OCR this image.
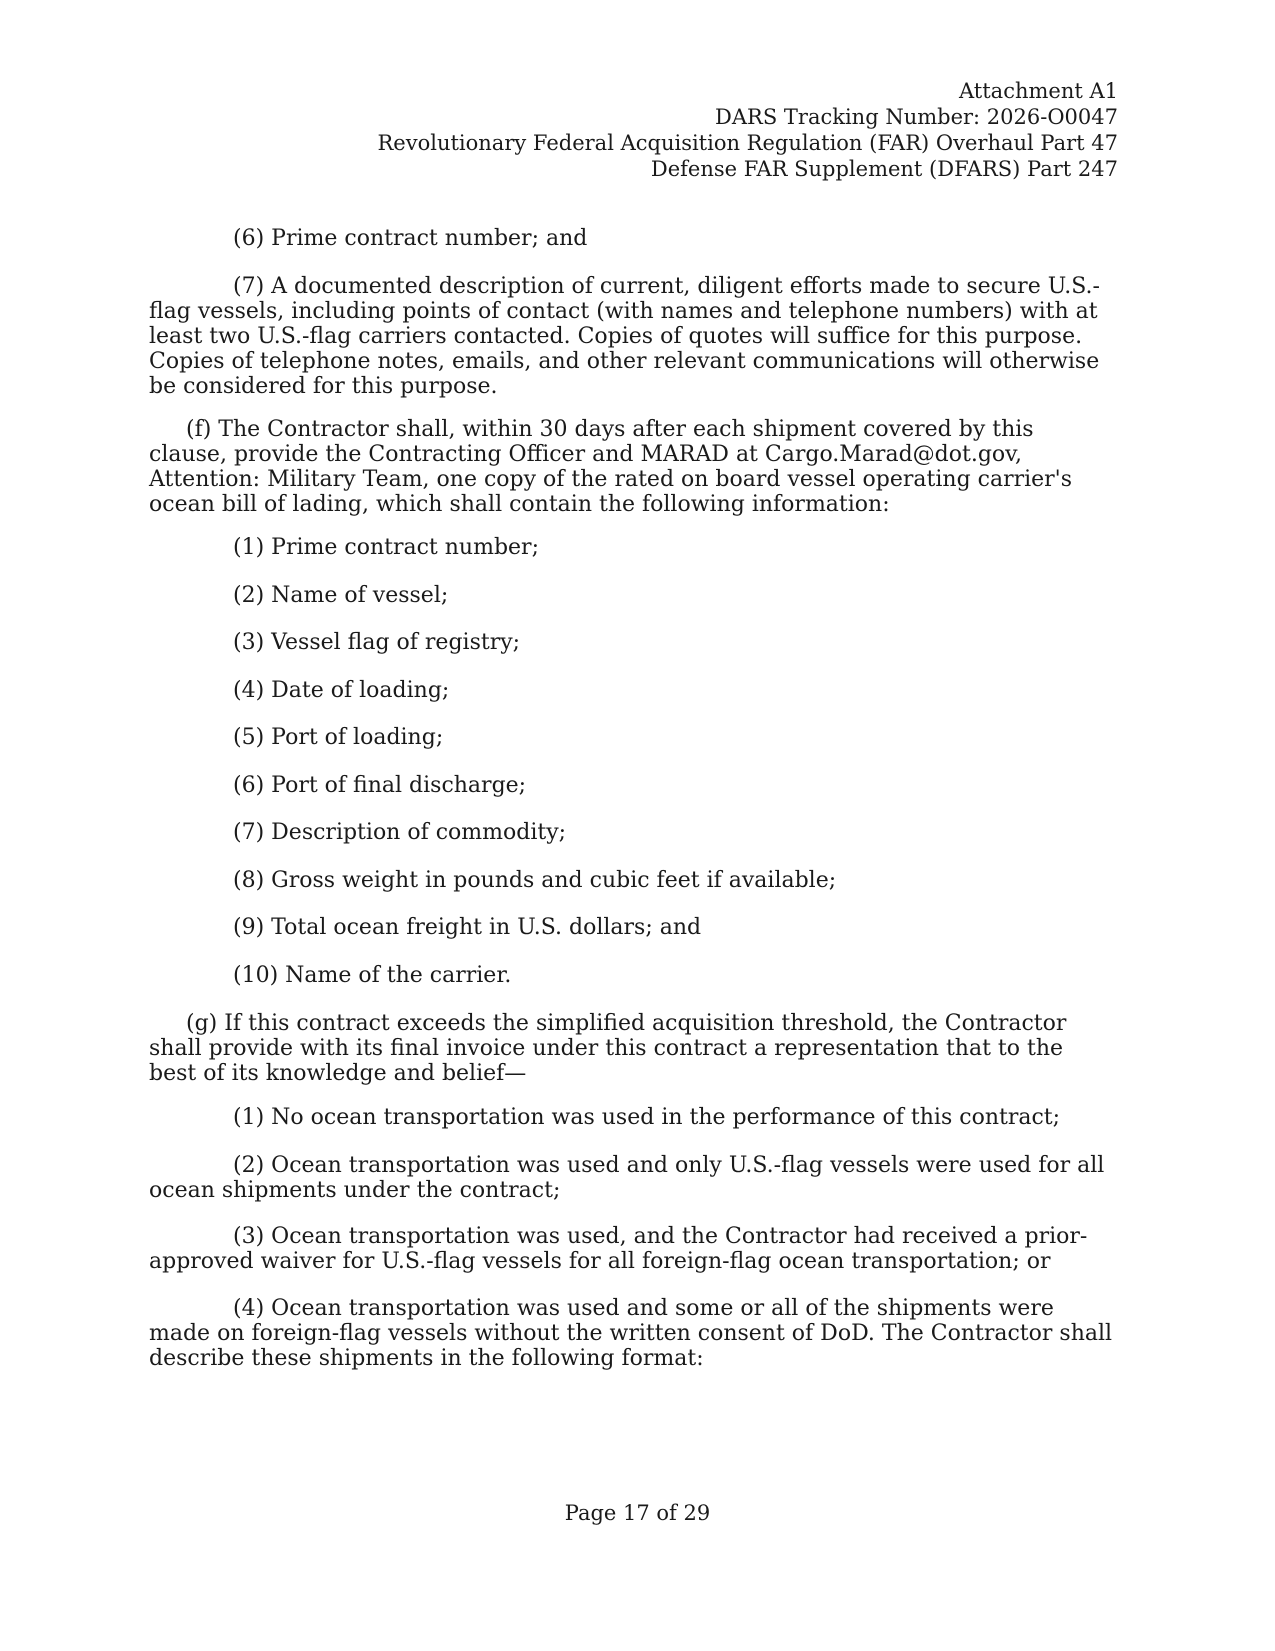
Attachment A1
DARS Tracking Number: 2026-O0047
Revolutionary Federal Acquisition Regulation (FAR) Overhaul Part 47
Defense FAR Supplement (DFARS) Part 247

(6) Prime contract number; and

(7) A documented description of current, diligent efforts made to secure U.S.-flag vessels, including points of contact (with names and telephone numbers) with at least two U.S.-flag carriers contacted. Copies of quotes will suffice for this purpose. Copies of telephone notes, emails, and other relevant communications will otherwise be considered for this purpose.

(f) The Contractor shall, within 30 days after each shipment covered by this clause, provide the Contracting Officer and MARAD at Cargo.Marad@dot.gov, Attention: Military Team, one copy of the rated on board vessel operating carrier's ocean bill of lading, which shall contain the following information:

(1) Prime contract number;

(2) Name of vessel;

(3) Vessel flag of registry;

(4) Date of loading;

(5) Port of loading;

(6) Port of final discharge;

(7) Description of commodity;

(8) Gross weight in pounds and cubic feet if available;

(9) Total ocean freight in U.S. dollars; and

(10) Name of the carrier.

(g) If this contract exceeds the simplified acquisition threshold, the Contractor shall provide with its final invoice under this contract a representation that to the best of its knowledge and belief—

(1) No ocean transportation was used in the performance of this contract;

(2) Ocean transportation was used and only U.S.-flag vessels were used for all ocean shipments under the contract;

(3) Ocean transportation was used, and the Contractor had received a prior-approved waiver for U.S.-flag vessels for all foreign-flag ocean transportation; or

(4) Ocean transportation was used and some or all of the shipments were made on foreign-flag vessels without the written consent of DoD. The Contractor shall describe these shipments in the following format:

Page 17 of 29
